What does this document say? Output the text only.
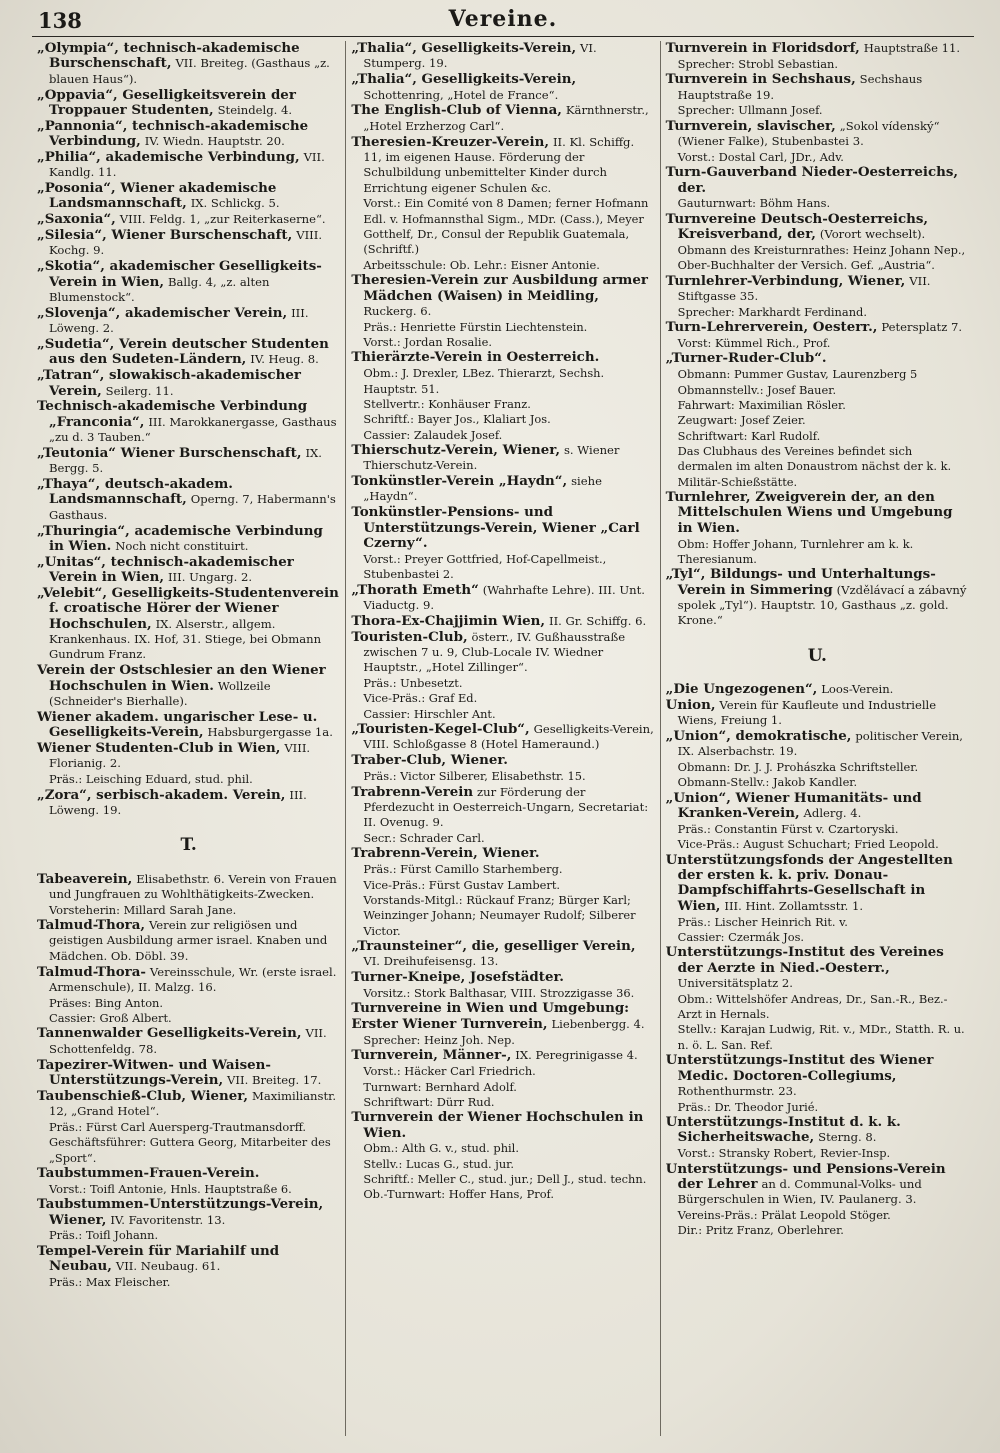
138	Vereine.
„Olympia“, technisch-akademische Burschenschaft, VII. Breiteg. (Gasthaus „z. blauen Haus“).
„Oppavia“, Geselligkeitsverein der Troppauer Studenten, Steindelg. 4.
„Pannonia“, technisch-akademische Verbindung, IV. Wiedn. Hauptstr. 20.
„Philia“, akademische Verbindung, VII. Kandlg. 11.
„Posonia“, Wiener akademische Landsmannschaft, IX. Schlickg. 5.
„Saxonia“, VIII. Feldg. 1, „zur Reiterkaserne“.
„Silesia“, Wiener Burschenschaft, VIII. Kochg. 9.
„Skotia“, akademischer Geselligkeits-Verein in Wien, Ballg. 4, „z. alten Blumenstock“.
„Slovenja“, akademischer Verein, III. Löweng. 2.
„Sudetia“, Verein deutscher Studenten aus den Sudeten-Ländern, IV. Heug. 8.
„Tatran“, slowakisch-akademischer Verein, Seilerg. 11.
Technisch-akademische Verbindung „Franconia“, III. Marokkanergasse, Gasthaus „zu d. 3 Tauben.“
„Teutonia“ Wiener Burschenschaft, IX. Bergg. 5.
„Thaya“, deutsch-akadem. Landsmannschaft, Operng. 7, Habermann's Gasthaus.
„Thuringia“, academische Verbindung in Wien. Noch nicht constituirt.
„Unitas“, technisch-akademischer Verein in Wien, III. Ungarg. 2.
„Velebit“, Geselligkeits-Studentenverein f. croatische Hörer der Wiener Hochschulen, IX. Alserstr., allgem. Krankenhaus. IX. Hof, 31. Stiege, bei Obmann Gundrum Franz.
Verein der Ostschlesier an den Wiener Hochschulen in Wien. Wollzeile (Schneider's Bierhalle).
Wiener akadem. ungarischer Lese- u. Geselligkeits-Verein, Habsburgergasse 1a.
Wiener Studenten-Club in Wien, VIII. Florianig. 2.
Präs.: Leisching Eduard, stud. phil.
„Zora“, serbisch-akadem. Verein, III. Löweng. 19.
T.
Tabeaverein, Elisabethstr. 6. Verein von Frauen und Jungfrauen zu Wohlthätigkeits-Zwecken.
Vorsteherin: Millard Sarah Jane.
Talmud-Thora, Verein zur religiösen und geistigen Ausbildung armer israel. Knaben und Mädchen. Ob. Döbl. 39.
Talmud-Thora- Vereinsschule, Wr. (erste israel. Armenschule), II. Malzg. 16.
Präses: Bing Anton.
Cassier: Groß Albert.
Tannenwalder Geselligkeits-Verein, VII. Schottenfeldg. 78.
Tapezirer-Witwen- und Waisen-Unterstützungs-Verein, VII. Breiteg. 17.
Taubenschieß-Club, Wiener, Maximilianstr. 12, „Grand Hotel“.
Präs.: Fürst Carl Auersperg-Trautmansdorff.
Geschäftsführer: Guttera Georg, Mitarbeiter des „Sport“.
Taubstummen-Frauen-Verein.
Vorst.: Toifl Antonie, Hnls. Hauptstraße 6.
Taubstummen-Unterstützungs-Verein, Wiener, IV. Favoritenstr. 13.
Präs.: Toifl Johann.
Tempel-Verein für Mariahilf und Neubau, VII. Neubaug. 61.
Präs.: Max Fleischer.
„Thalia“, Geselligkeits-Verein, VI. Stumperg. 19.
„Thalia“, Geselligkeits-Verein, Schottenring, „Hotel de France“.
The English-Club of Vienna, Kärnthnerstr., „Hotel Erzherzog Carl“.
Theresien-Kreuzer-Verein, II. Kl. Schiffg. 11, im eigenen Hause. Förderung der Schulbildung unbemittelter Kinder durch Errichtung eigener Schulen &c.
Vorst.: Ein Comité von 8 Damen; ferner Hofmann Edl. v. Hofmannsthal Sigm., MDr. (Cass.), Meyer Gotthelf, Dr., Consul der Republik Guatemala, (Schriftf.)
Arbeitsschule: Ob. Lehr.: Eisner Antonie.
Theresien-Verein zur Ausbildung armer Mädchen (Waisen) in Meidling, Ruckerg. 6.
Präs.: Henriette Fürstin Liechtenstein.
Vorst.: Jordan Rosalie.
Thierärzte-Verein in Oesterreich.
Obm.: J. Drexler, LBez. Thierarzt, Sechsh. Hauptstr. 51.
Stellvertr.: Konhäuser Franz.
Schriftf.: Bayer Jos., Klaliart Jos.
Cassier: Zalaudek Josef.
Thierschutz-Verein, Wiener, s. Wiener Thierschutz-Verein.
Tonkünstler-Verein „Haydn“, siehe „Haydn“.
Tonkünstler-Pensions- und Unterstützungs-Verein, Wiener „Carl Czerny“.
Vorst.: Preyer Gottfried, Hof-Capellmeist., Stubenbastei 2.
„Thorath Emeth“ (Wahrhafte Lehre). III. Unt. Viaductg. 9.
Thora-Ex-Chajjimin Wien, II. Gr. Schiffg. 6.
Touristen-Club, österr., IV. Gußhausstraße zwischen 7 u. 9, Club-Locale IV. Wiedner Hauptstr., „Hotel Zillinger“.
Präs.: Unbesetzt.
Vice-Präs.: Graf Ed.
Cassier: Hirschler Ant.
„Touristen-Kegel-Club“, Geselligkeits-Verein, VIII. Schloßgasse 8 (Hotel Hameraund.)
Traber-Club, Wiener.
Präs.: Victor Silberer, Elisabethstr. 15.
Trabrenn-Verein zur Förderung der Pferdezucht in Oesterreich-Ungarn, Secretariat: II. Ovenug. 9.
Secr.: Schrader Carl.
Trabrenn-Verein, Wiener.
Präs.: Fürst Camillo Starhemberg.
Vice-Präs.: Fürst Gustav Lambert.
Vorstands-Mitgl.: Rückauf Franz; Bürger Karl; Weinzinger Johann; Neumayer Rudolf; Silberer Victor.
„Traunsteiner“, die, geselliger Verein, VI. Dreihufeisensg. 13.
Turner-Kneipe, Josefstädter.
Vorsitz.: Stork Balthasar, VIII. Strozzigasse 36.
Turnvereine in Wien und Umgebung:
Erster Wiener Turnverein, Liebenbergg. 4.
Sprecher: Heinz Joh. Nep.
Turnverein, Männer-, IX. Peregrinigasse 4.
Vorst.: Häcker Carl Friedrich.
Turnwart: Bernhard Adolf.
Schriftwart: Dürr Rud.
Turnverein der Wiener Hochschulen in Wien.
Obm.: Alth G. v., stud. phil.
Stellv.: Lucas G., stud. jur.
Schriftf.: Meller C., stud. jur.; Dell J., stud. techn.
Ob.-Turnwart: Hoffer Hans, Prof.
Turnverein in Floridsdorf, Hauptstraße 11.
Sprecher: Strobl Sebastian.
Turnverein in Sechshaus, Sechshaus Hauptstraße 19.
Sprecher: Ullmann Josef.
Turnverein, slavischer, „Sokol vídenský“ (Wiener Falke), Stubenbastei 3.
Vorst.: Dostal Carl, JDr., Adv.
Turn-Gauverband Nieder-Oesterreichs, der.
Gauturnwart: Böhm Hans.
Turnvereine Deutsch-Oesterreichs, Kreisverband, der, (Vorort wechselt).
Obmann des Kreisturnrathes: Heinz Johann Nep., Ober-Buchhalter der Versich. Gef. „Austria“.
Turnlehrer-Verbindung, Wiener, VII. Stiftgasse 35.
Sprecher: Markhardt Ferdinand.
Turn-Lehrerverein, Oesterr., Petersplatz 7.
Vorst: Kümmel Rich., Prof.
„Turner-Ruder-Club“.
Obmann: Pummer Gustav, Laurenzberg 5
Obmannstellv.: Josef Bauer.
Fahrwart: Maximilian Rösler.
Zeugwart: Josef Zeier.
Schriftwart: Karl Rudolf.
Das Clubhaus des Vereines befindet sich dermalen im alten Donaustrom nächst der k. k. Militär-Schießstätte.
Turnlehrer, Zweigverein der, an den Mittelschulen Wiens und Umgebung in Wien.
Obm: Hoffer Johann, Turnlehrer am k. k. Theresianum.
„Tyl“, Bildungs- und Unterhaltungs-Verein in Simmering (Vzdělávací a zábavný spolek „Tyl“). Hauptstr. 10, Gasthaus „z. gold. Krone.“
U.
„Die Ungezogenen“, Loos-Verein.
Union, Verein für Kaufleute und Industrielle Wiens, Freiung 1.
„Union“, demokratische, politischer Verein, IX. Alserbachstr. 19.
Obmann: Dr. J. J. Prohászka Schriftsteller.
Obmann-Stellv.: Jakob Kandler.
„Union“, Wiener Humanitäts- und Kranken-Verein, Adlerg. 4.
Präs.: Constantin Fürst v. Czartoryski.
Vice-Präs.: August Schuchart; Fried Leopold.
Unterstützungsfonds der Angestellten der ersten k. k. priv. Donau-Dampfschiffahrts-Gesellschaft in Wien, III. Hint. Zollamtsstr. 1.
Präs.: Lischer Heinrich Rit. v.
Cassier: Czermák Jos.
Unterstützungs-Institut des Vereines der Aerzte in Nied.-Oesterr., Universitätsplatz 2.
Obm.: Wittelshöfer Andreas, Dr., San.-R., Bez.-Arzt in Hernals.
Stellv.: Karajan Ludwig, Rit. v., MDr., Statth. R. u. n. ö. L. San. Ref.
Unterstützungs-Institut des Wiener Medic. Doctoren-Collegiums, Rothenthurmstr. 23.
Präs.: Dr. Theodor Jurié.
Unterstützungs-Institut d. k. k. Sicherheitswache, Sterng. 8.
Vorst.: Stransky Robert, Revier-Insp.
Unterstützungs- und Pensions-Verein der Lehrer an d. Communal-Volks- und Bürgerschulen in Wien, IV. Paulanerg. 3.
Vereins-Präs.: Prälat Leopold Stöger.
Dir.: Pritz Franz, Oberlehrer.
